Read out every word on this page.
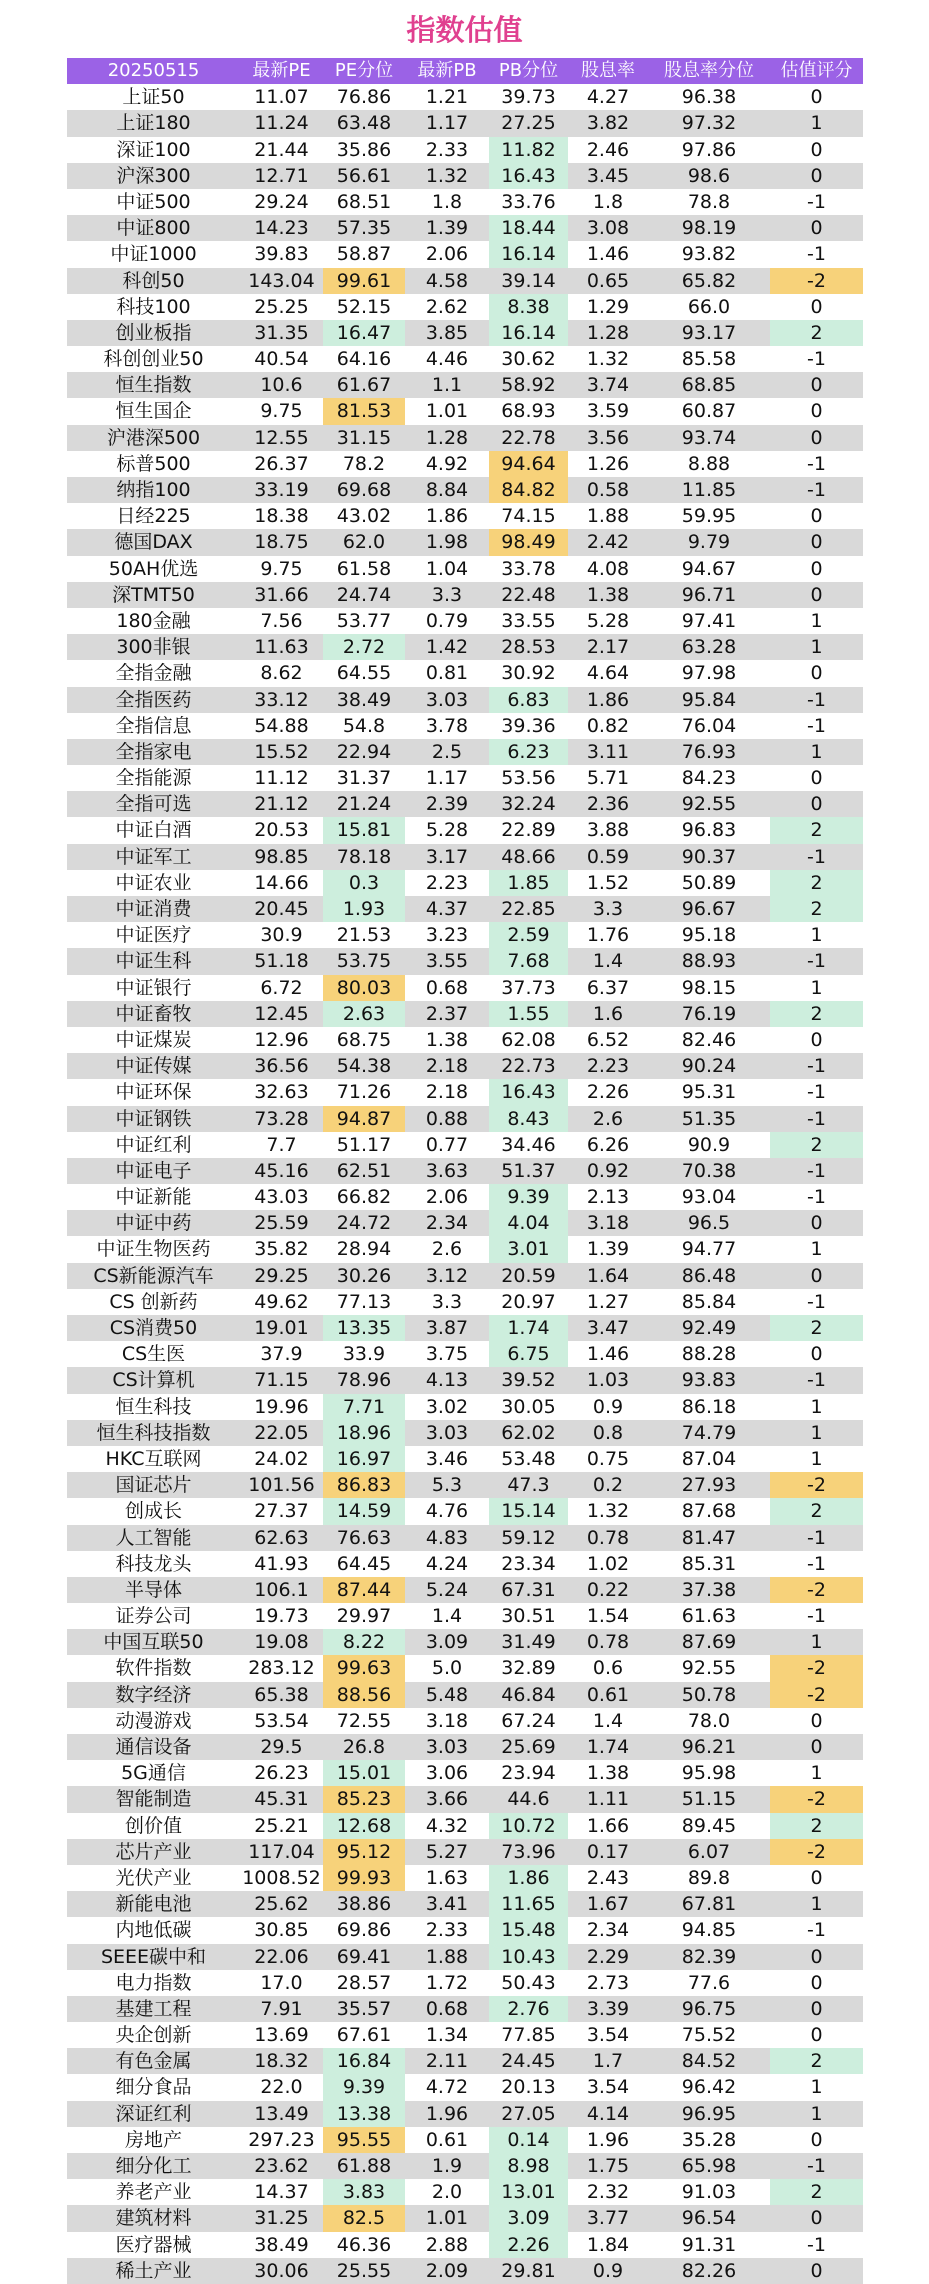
指数估值
20250515	最新PE	PE分位	最新PB	PB分位	股息率	股息率分位	估值评分
上证50	11.07	76.86	1.21	39.73	4.27	96.38	0
上证180	11.24	63.48	1.17	27.25	3.82	97.32	1
深证100	21.44	35.86	2.33	11.82	2.46	97.86	0
沪深300	12.71	56.61	1.32	16.43	3.45	98.6	0
中证500	29.24	68.51	1.8	33.76	1.8	78.8	-1
中证800	14.23	57.35	1.39	18.44	3.08	98.19	0
中证1000	39.83	58.87	2.06	16.14	1.46	93.82	-1
科创50	143.04	99.61	4.58	39.14	0.65	65.82	-2
科技100	25.25	52.15	2.62	8.38	1.29	66.0	0
创业板指	31.35	16.47	3.85	16.14	1.28	93.17	2
科创创业50	40.54	64.16	4.46	30.62	1.32	85.58	-1
恒生指数	10.6	61.67	1.1	58.92	3.74	68.85	0
恒生国企	9.75	81.53	1.01	68.93	3.59	60.87	0
沪港深500	12.55	31.15	1.28	22.78	3.56	93.74	0
标普500	26.37	78.2	4.92	94.64	1.26	8.88	-1
纳指100	33.19	69.68	8.84	84.82	0.58	11.85	-1
日经225	18.38	43.02	1.86	74.15	1.88	59.95	0
德国DAX	18.75	62.0	1.98	98.49	2.42	9.79	0
50AH优选	9.75	61.58	1.04	33.78	4.08	94.67	0
深TMT50	31.66	24.74	3.3	22.48	1.38	96.71	0
180金融	7.56	53.77	0.79	33.55	5.28	97.41	1
300非银	11.63	2.72	1.42	28.53	2.17	63.28	1
全指金融	8.62	64.55	0.81	30.92	4.64	97.98	0
全指医药	33.12	38.49	3.03	6.83	1.86	95.84	-1
全指信息	54.88	54.8	3.78	39.36	0.82	76.04	-1
全指家电	15.52	22.94	2.5	6.23	3.11	76.93	1
全指能源	11.12	31.37	1.17	53.56	5.71	84.23	0
全指可选	21.12	21.24	2.39	32.24	2.36	92.55	0
中证白酒	20.53	15.81	5.28	22.89	3.88	96.83	2
中证军工	98.85	78.18	3.17	48.66	0.59	90.37	-1
中证农业	14.66	0.3	2.23	1.85	1.52	50.89	2
中证消费	20.45	1.93	4.37	22.85	3.3	96.67	2
中证医疗	30.9	21.53	3.23	2.59	1.76	95.18	1
中证生科	51.18	53.75	3.55	7.68	1.4	88.93	-1
中证银行	6.72	80.03	0.68	37.73	6.37	98.15	1
中证畜牧	12.45	2.63	2.37	1.55	1.6	76.19	2
中证煤炭	12.96	68.75	1.38	62.08	6.52	82.46	0
中证传媒	36.56	54.38	2.18	22.73	2.23	90.24	-1
中证环保	32.63	71.26	2.18	16.43	2.26	95.31	-1
中证钢铁	73.28	94.87	0.88	8.43	2.6	51.35	-1
中证红利	7.7	51.17	0.77	34.46	6.26	90.9	2
中证电子	45.16	62.51	3.63	51.37	0.92	70.38	-1
中证新能	43.03	66.82	2.06	9.39	2.13	93.04	-1
中证中药	25.59	24.72	2.34	4.04	3.18	96.5	0
中证生物医药	35.82	28.94	2.6	3.01	1.39	94.77	1
CS新能源汽车	29.25	30.26	3.12	20.59	1.64	86.48	0
CS 创新药	49.62	77.13	3.3	20.97	1.27	85.84	-1
CS消费50	19.01	13.35	3.87	1.74	3.47	92.49	2
CS生医	37.9	33.9	3.75	6.75	1.46	88.28	0
CS计算机	71.15	78.96	4.13	39.52	1.03	93.83	-1
恒生科技	19.96	7.71	3.02	30.05	0.9	86.18	1
恒生科技指数	22.05	18.96	3.03	62.02	0.8	74.79	1
HKC互联网	24.02	16.97	3.46	53.48	0.75	87.04	1
国证芯片	101.56	86.83	5.3	47.3	0.2	27.93	-2
创成长	27.37	14.59	4.76	15.14	1.32	87.68	2
人工智能	62.63	76.63	4.83	59.12	0.78	81.47	-1
科技龙头	41.93	64.45	4.24	23.34	1.02	85.31	-1
半导体	106.1	87.44	5.24	67.31	0.22	37.38	-2
证券公司	19.73	29.97	1.4	30.51	1.54	61.63	-1
中国互联50	19.08	8.22	3.09	31.49	0.78	87.69	1
软件指数	283.12	99.63	5.0	32.89	0.6	92.55	-2
数字经济	65.38	88.56	5.48	46.84	0.61	50.78	-2
动漫游戏	53.54	72.55	3.18	67.24	1.4	78.0	0
通信设备	29.5	26.8	3.03	25.69	1.74	96.21	0
5G通信	26.23	15.01	3.06	23.94	1.38	95.98	1
智能制造	45.31	85.23	3.66	44.6	1.11	51.15	-2
创价值	25.21	12.68	4.32	10.72	1.66	89.45	2
芯片产业	117.04	95.12	5.27	73.96	0.17	6.07	-2
光伏产业	1008.52 99.93	1.63	1.86	2.43	89.8	0
新能电池	25.62	38.86	3.41	11.65	1.67	67.81	1
内地低碳	30.85	69.86	2.33	15.48	2.34	94.85	-1
SEEE碳中和	22.06	69.41	1.88	10.43	2.29	82.39	0
电力指数	17.0	28.57	1.72	50.43	2.73	77.6	0
基建工程	7.91	35.57	0.68	2.76	3.39	96.75	0
央企创新	13.69	67.61	1.34	77.85	3.54	75.52	0
有色金属	18.32	16.84	2.11	24.45	1.7	84.52	2
细分食品	22.0	9.39	4.72	20.13	3.54	96.42	1
深证红利	13.49	13.38	1.96	27.05	4.14	96.95	1
房地产	297.23	95.55	0.61	0.14	1.96	35.28	0
细分化工	23.62	61.88	1.9	8.98	1.75	65.98	-1
养老产业	14.37	3.83	2.0	13.01	2.32	91.03	2
建筑材料	31.25	82.5	1.01	3.09	3.77	96.54	0
医疗器械	38.49	46.36	2.88	2.26	1.84	91.31	-1
稀土产业	30.06	25.55	2.09	29.81	0.9	82.26	0
